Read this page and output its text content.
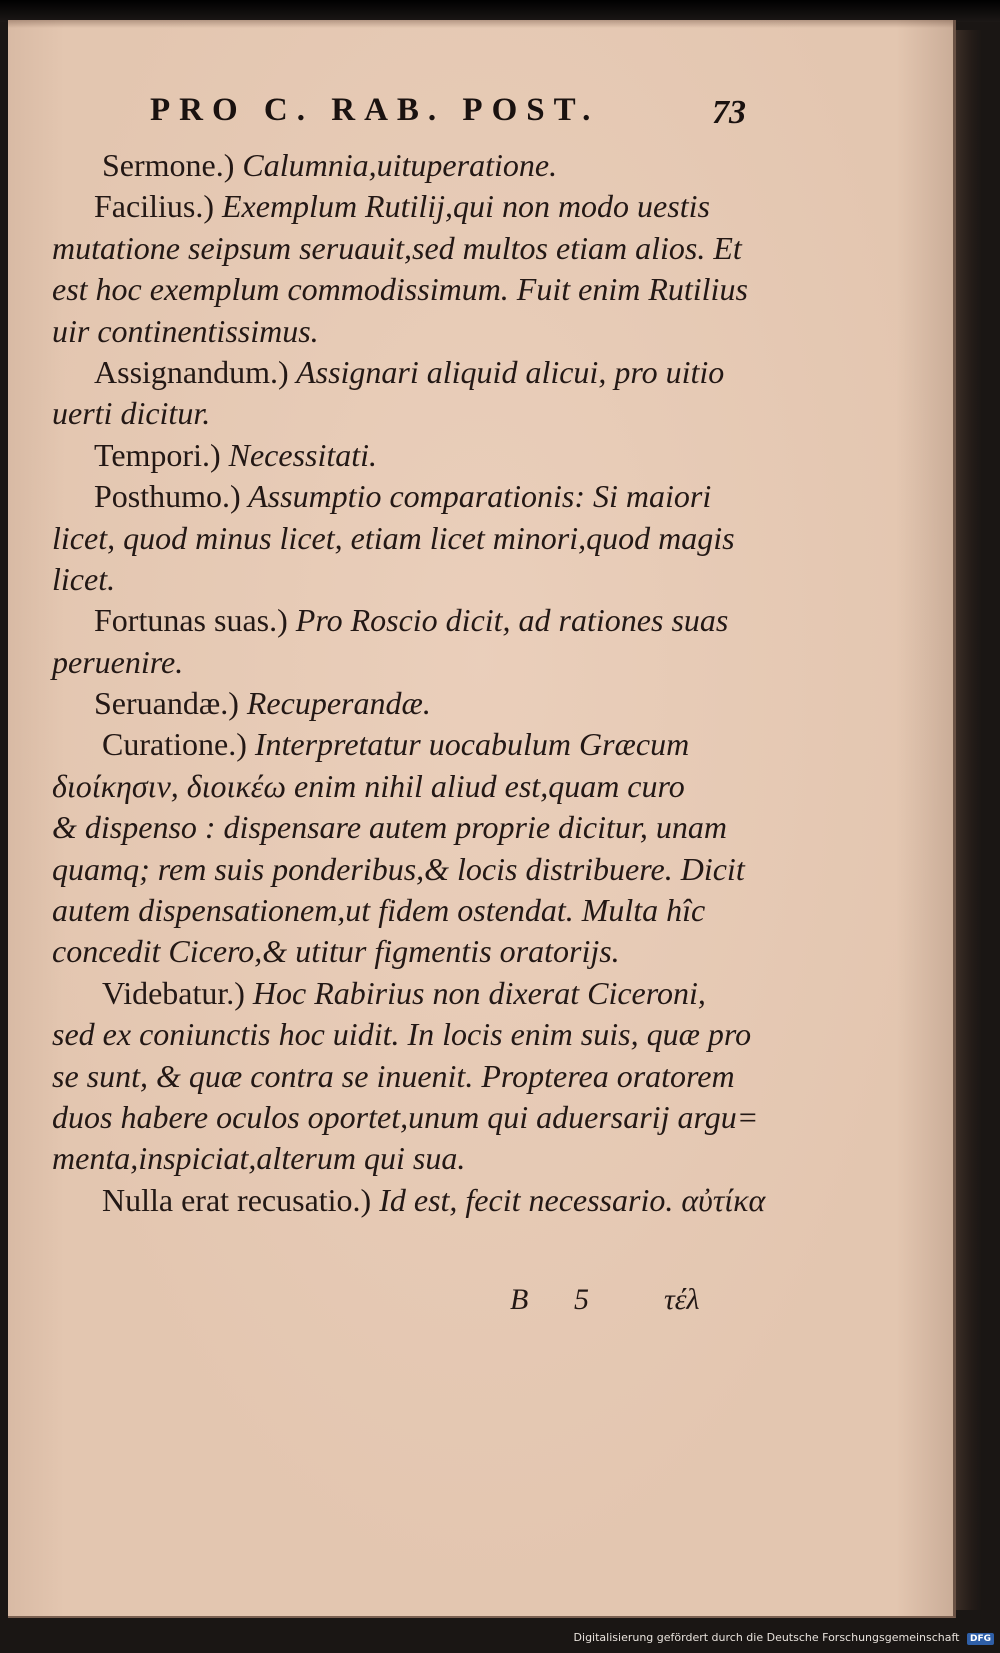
PRO C. RAB. POST.	73
Sermone.) Calumnia,uituperatione.
Facilius.) Exemplum Rutilij,qui non modo uestis
mutatione seipsum seruauit,sed multos etiam alios. Et
est hoc exemplum commodissimum. Fuit enim Rutilius
uir continentissimus.
Assignandum.) Assignari aliquid alicui, pro uitio
uerti dicitur.
Tempori.) Necessitati.
Posthumo.) Assumptio comparationis: Si maiori
licet, quod minus licet, etiam licet minori,quod magis
licet.
Fortunas suas.) Pro Roscio dicit, ad rationes suas
peruenire.
Seruandæ.) Recuperandæ.
Curatione.) Interpretatur uocabulum Græcum
διοίκησιν, διοικέω enim nihil aliud est,quam curo
& dispenso : dispensare autem proprie dicitur, unam
quamq; rem suis ponderibus,& locis distribuere. Dicit
autem dispensationem,ut fidem ostendat. Multa hîc
concedit Cicero,& utitur figmentis oratorijs.
Videbatur.) Hoc Rabirius non dixerat Ciceroni,
sed ex coniunctis hoc uidit. In locis enim suis, quæ pro
se sunt, & quæ contra se inuenit. Propterea oratorem
duos habere oculos oportet,unum qui aduersarij argu=
menta,inspiciat,alterum qui sua.
Nulla erat recusatio.) Id est, fecit necessario. αὐτίκα
B 5	τέλ
Digitalisierung gefördert durch die Deutsche Forschungsgemeinschaft DFG
